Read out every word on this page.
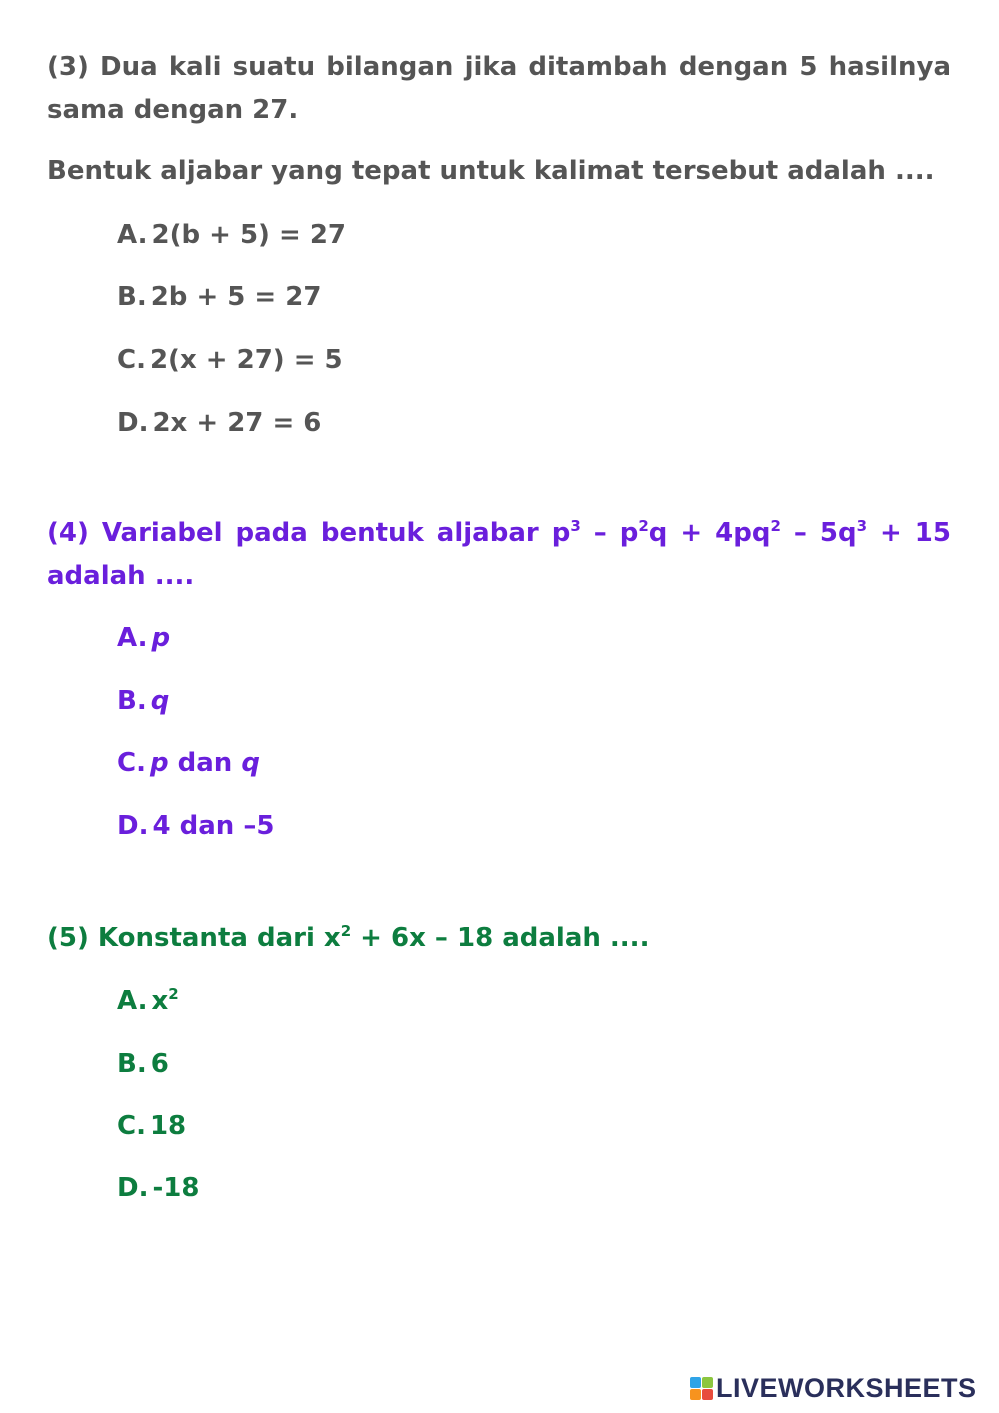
(3) Dua kali suatu bilangan jika ditambah dengan 5 hasilnya sama dengan 27.

Bentuk aljabar yang tepat untuk kalimat tersebut adalah ....

A. 2(b + 5) = 27
B. 2b + 5 = 27
C. 2(x + 27) = 5
D. 2x + 27 = 6

(4) Variabel pada bentuk aljabar $p^3 - p^2q + 4pq^2 - 5q^3 + 15$ adalah ....

A. p
B. q
C. p dan q
D. 4 dan –5

(5) Konstanta dari $x^2 + 6x - 18$ adalah ....

A. $x^2$
B. 6
C. 18
D. -18
LIVEWORKSHEETS
